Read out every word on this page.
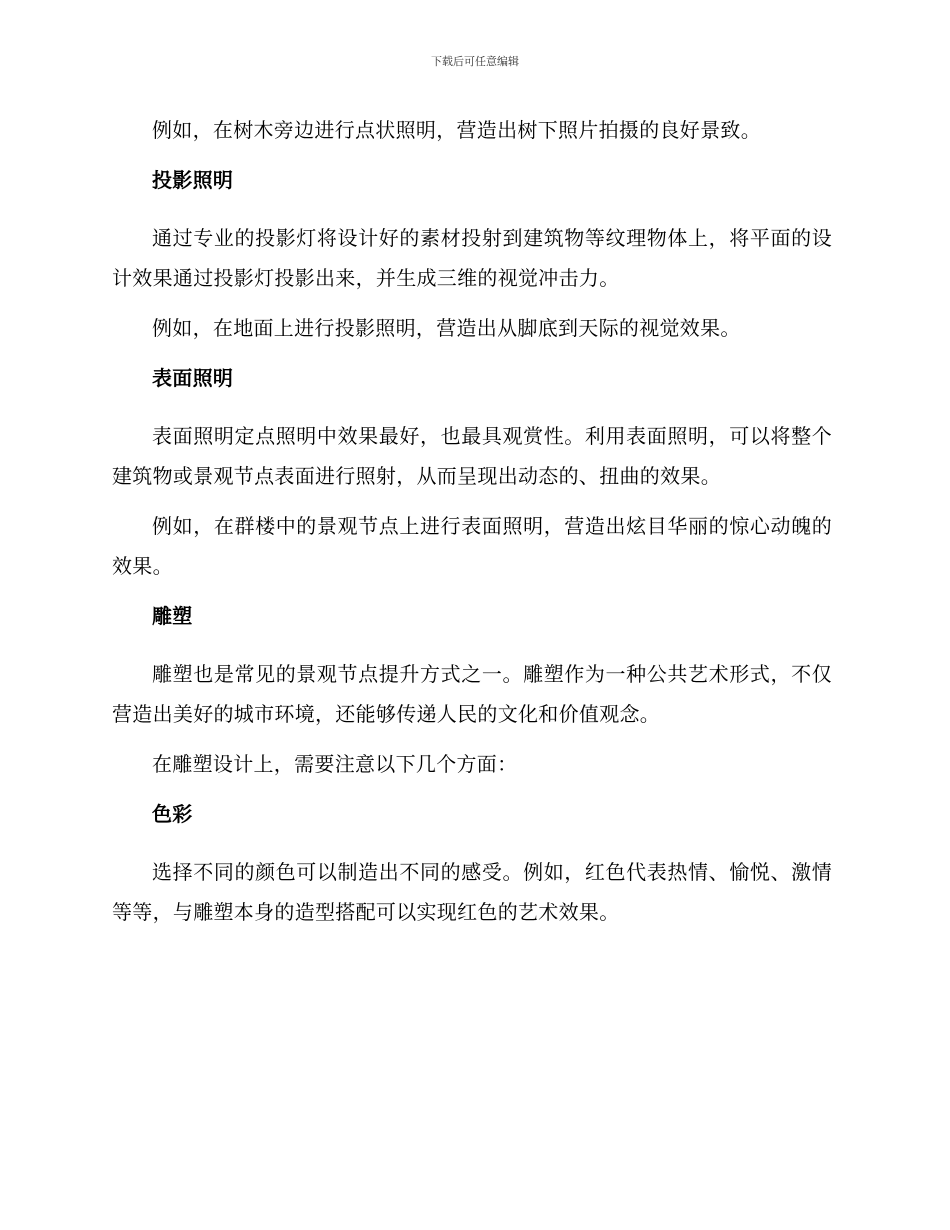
下载后可任意编辑

例如，在树木旁边进行点状照明，营造出树下照片拍摄的良好景致。

投影照明

通过专业的投影灯将设计好的素材投射到建筑物等纹理物体上，将平面的设计效果通过投影灯投影出来，并生成三维的视觉冲击力。

例如，在地面上进行投影照明，营造出从脚底到天际的视觉效果。

表面照明

表面照明定点照明中效果最好，也最具观赏性。利用表面照明，可以将整个建筑物或景观节点表面进行照射，从而呈现出动态的、扭曲的效果。

例如，在群楼中的景观节点上进行表面照明，营造出炫目华丽的惊心动魄的效果。

雕塑

雕塑也是常见的景观节点提升方式之一。雕塑作为一种公共艺术形式，不仅营造出美好的城市环境，还能够传递人民的文化和价值观念。

在雕塑设计上，需要注意以下几个方面：

色彩

选择不同的颜色可以制造出不同的感受。例如，红色代表热情、愉悦、激情等等，与雕塑本身的造型搭配可以实现红色的艺术效果。
